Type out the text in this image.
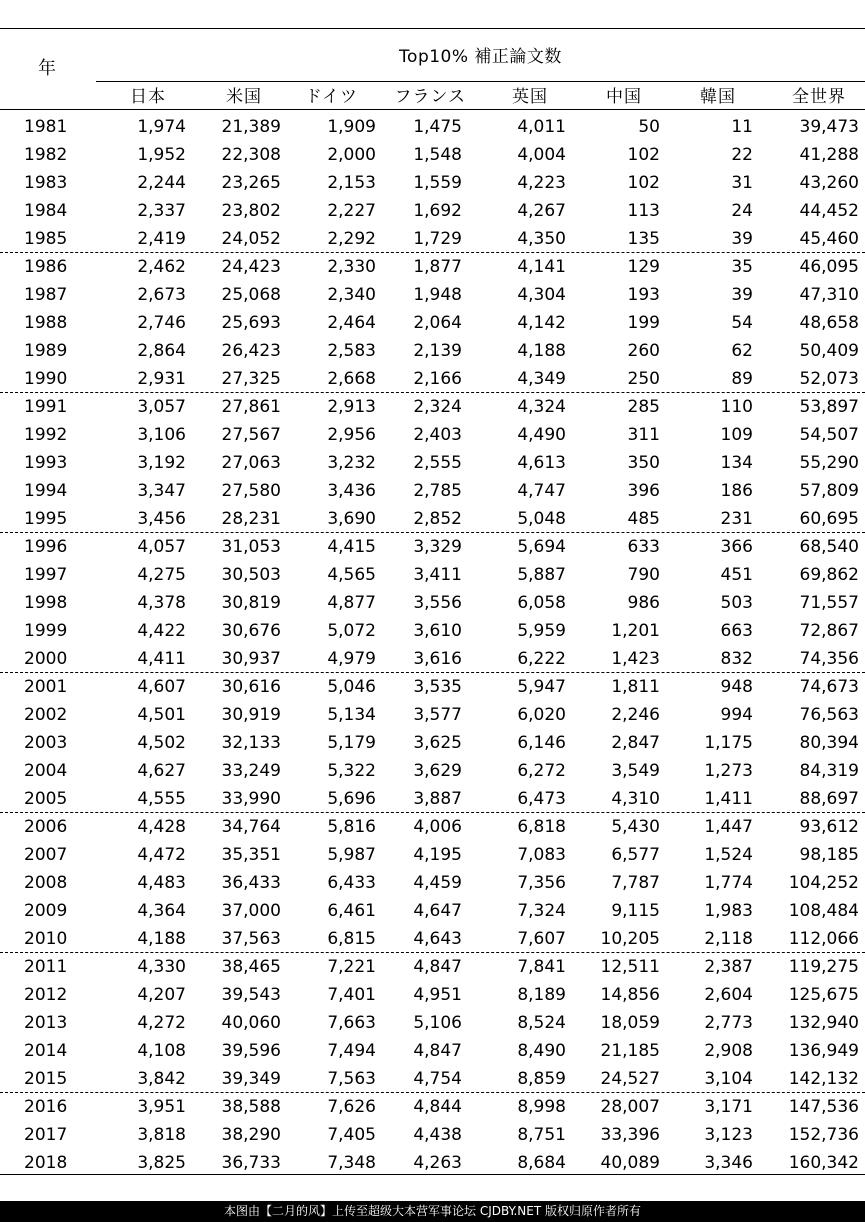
年
Top10% 補正論文数
日本	米国	ドイツ	フランス	英国	中国	韓国	全世界
1981	1,974	21,389	1,909	1,475	4,011	50	11	39,473
1982	1,952	22,308	2,000	1,548	4,004	102	22	41,288
1983	2,244	23,265	2,153	1,559	4,223	102	31	43,260
1984	2,337	23,802	2,227	1,692	4,267	113	24	44,452
1985	2,419	24,052	2,292	1,729	4,350	135	39	45,460
1986	2,462	24,423	2,330	1,877	4,141	129	35	46,095
1987	2,673	25,068	2,340	1,948	4,304	193	39	47,310
1988	2,746	25,693	2,464	2,064	4,142	199	54	48,658
1989	2,864	26,423	2,583	2,139	4,188	260	62	50,409
1990	2,931	27,325	2,668	2,166	4,349	250	89	52,073
1991	3,057	27,861	2,913	2,324	4,324	285	110	53,897
1992	3,106	27,567	2,956	2,403	4,490	311	109	54,507
1993	3,192	27,063	3,232	2,555	4,613	350	134	55,290
1994	3,347	27,580	3,436	2,785	4,747	396	186	57,809
1995	3,456	28,231	3,690	2,852	5,048	485	231	60,695
1996	4,057	31,053	4,415	3,329	5,694	633	366	68,540
1997	4,275	30,503	4,565	3,411	5,887	790	451	69,862
1998	4,378	30,819	4,877	3,556	6,058	986	503	71,557
1999	4,422	30,676	5,072	3,610	5,959	1,201	663	72,867
2000	4,411	30,937	4,979	3,616	6,222	1,423	832	74,356
2001	4,607	30,616	5,046	3,535	5,947	1,811	948	74,673
2002	4,501	30,919	5,134	3,577	6,020	2,246	994	76,563
2003	4,502	32,133	5,179	3,625	6,146	2,847	1,175	80,394
2004	4,627	33,249	5,322	3,629	6,272	3,549	1,273	84,319
2005	4,555	33,990	5,696	3,887	6,473	4,310	1,411	88,697
2006	4,428	34,764	5,816	4,006	6,818	5,430	1,447	93,612
2007	4,472	35,351	5,987	4,195	7,083	6,577	1,524	98,185
2008	4,483	36,433	6,433	4,459	7,356	7,787	1,774	104,252
2009	4,364	37,000	6,461	4,647	7,324	9,115	1,983	108,484
2010	4,188	37,563	6,815	4,643	7,607	10,205	2,118	112,066
2011	4,330	38,465	7,221	4,847	7,841	12,511	2,387	119,275
2012	4,207	39,543	7,401	4,951	8,189	14,856	2,604	125,675
2013	4,272	40,060	7,663	5,106	8,524	18,059	2,773	132,940
2014	4,108	39,596	7,494	4,847	8,490	21,185	2,908	136,949
2015	3,842	39,349	7,563	4,754	8,859	24,527	3,104	142,132
2016	3,951	38,588	7,626	4,844	8,998	28,007	3,171	147,536
2017	3,818	38,290	7,405	4,438	8,751	33,396	3,123	152,736
2018	3,825	36,733	7,348	4,263	8,684	40,089	3,346	160,342
本图由【二月的风】上传至超级大本营军事论坛 CJDBY.NET 版权归原作者所有
